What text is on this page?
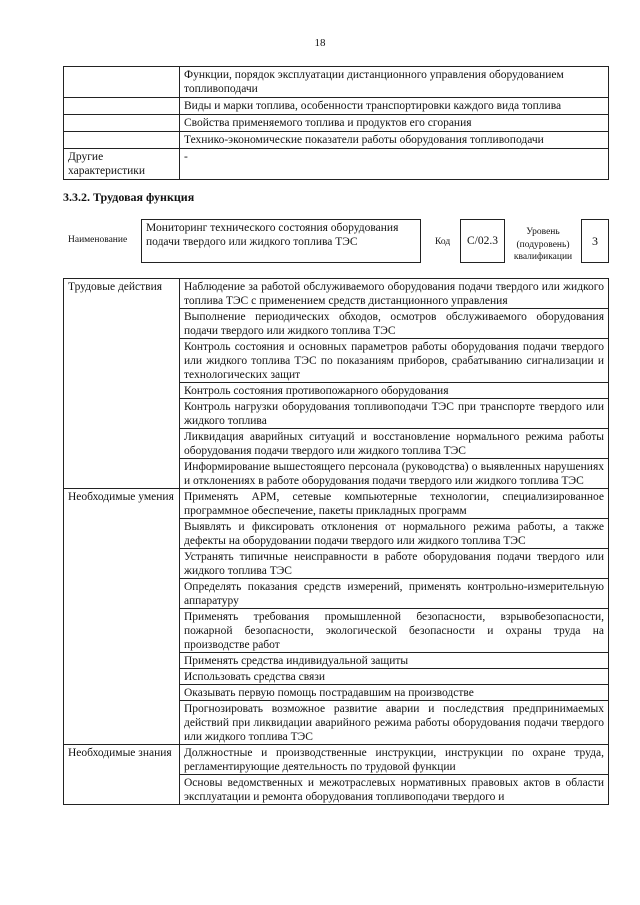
18
	Функции, порядок эксплуатации дистанционного управления оборудованием топливоподачи
	Виды и марки топлива, особенности транспортировки каждого вида топлива
	Свойства применяемого топлива и продуктов его сгорания
	Технико-экономические показатели работы оборудования топливоподачи
Другие характеристики	-
3.3.2. Трудовая функция
Наименование
Мониторинг технического состояния оборудования подачи твердого или жидкого топлива ТЭС	Код	С/02.3
Уровень (подуровень) квалификации
3
Трудовые действия	Наблюдение за работой обслуживаемого оборудования подачи твердого или жидкого топлива ТЭС с применением средств дистанционного управления
	Выполнение периодических обходов, осмотров обслуживаемого оборудования подачи твердого или жидкого топлива ТЭС
	Контроль состояния и основных параметров работы оборудования подачи твердого или жидкого топлива ТЭС по показаниям приборов, срабатыванию сигнализации и технологических защит
	Контроль состояния противопожарного оборудования
	Контроль нагрузки оборудования топливоподачи ТЭС при транспорте твердого или жидкого топлива
	Ликвидация аварийных ситуаций и восстановление нормального режима работы оборудования подачи твердого или жидкого топлива ТЭС
	Информирование вышестоящего персонала (руководства) о выявленных нарушениях и отклонениях в работе оборудования подачи твердого или жидкого топлива ТЭС
Необходимые умения	Применять АРМ, сетевые компьютерные технологии, специализированное программное обеспечение, пакеты прикладных программ
	Выявлять и фиксировать отклонения от нормального режима работы, а также дефекты на оборудовании подачи твердого или жидкого топлива ТЭС
	Устранять типичные неисправности в работе оборудования подачи твердого или жидкого топлива ТЭС
	Определять показания средств измерений, применять контрольно-измерительную аппаратуру
	Применять требования промышленной безопасности, взрывобезопасности, пожарной безопасности, экологической безопасности и охраны труда на производстве работ
	Применять средства индивидуальной защиты
	Использовать средства связи
	Оказывать первую помощь пострадавшим на производстве
	Прогнозировать возможное развитие аварии и последствия предпринимаемых действий при ликвидации аварийного режима работы оборудования подачи твердого или жидкого топлива ТЭС
Необходимые знания	Должностные и производственные инструкции, инструкции по охране труда, регламентирующие деятельность по трудовой функции
	Основы ведомственных и межотраслевых нормативных правовых актов в области эксплуатации и ремонта оборудования топливоподачи твердого и
